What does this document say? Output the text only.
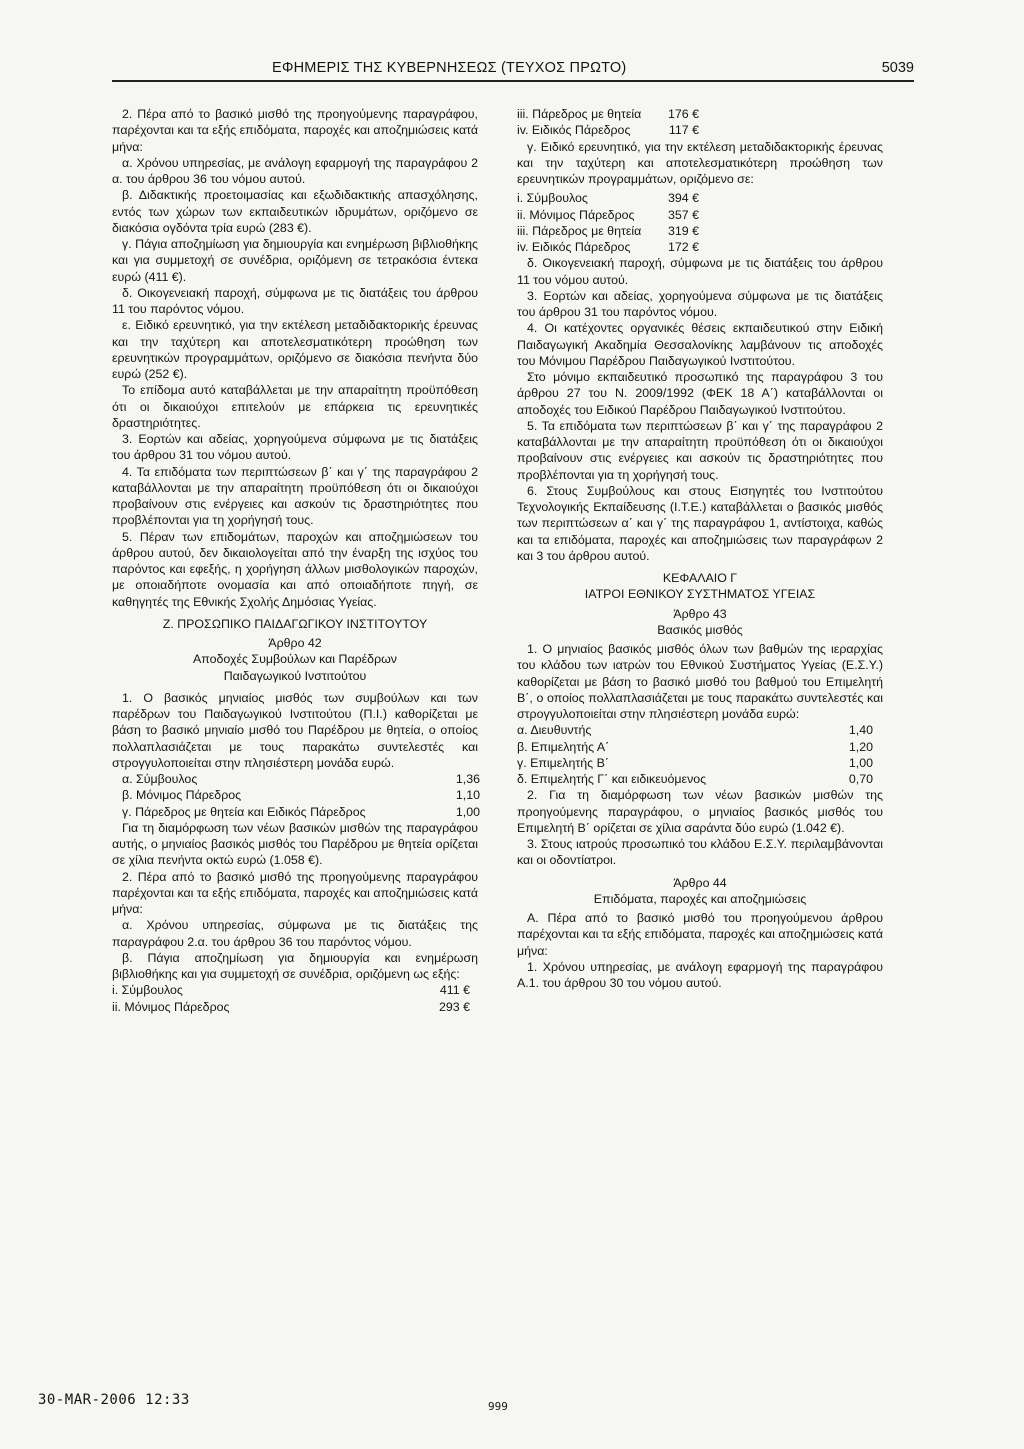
ΕΦΗΜΕΡΙΣ ΤΗΣ ΚΥΒΕΡΝΗΣΕΩΣ (ΤΕΥΧΟΣ ΠΡΩΤΟ)	5039

2. Πέρα από το βασικό μισθό της προηγούμενης παραγράφου, παρέχονται και τα εξής επιδόματα, παροχές και αποζημιώσεις κατά μήνα:

α. Χρόνου υπηρεσίας, με ανάλογη εφαρμογή της παραγράφου 2 α. του άρθρου 36 του νόμου αυτού.

β. Διδακτικής προετοιμασίας και εξωδιδακτικής απασχόλησης, εντός των χώρων των εκπαιδευτικών ιδρυμάτων, οριζόμενο σε διακόσια ογδόντα τρία ευρώ (283 €).

γ. Πάγια αποζημίωση για δημιουργία και ενημέρωση βιβλιοθήκης και για συμμετοχή σε συνέδρια, οριζόμενη σε τετρακόσια έντεκα ευρώ (411 €).

δ. Οικογενειακή παροχή, σύμφωνα με τις διατάξεις του άρθρου 11 του παρόντος νόμου.

ε. Ειδικό ερευνητικό, για την εκτέλεση μεταδιδακτορικής έρευνας και την ταχύτερη και αποτελεσματικότερη προώθηση των ερευνητικών προγραμμάτων, οριζόμενο σε διακόσια πενήντα δύο ευρώ (252 €).

Το επίδομα αυτό καταβάλλεται με την απαραίτητη προϋπόθεση ότι οι δικαιούχοι επιτελούν με επάρκεια τις ερευνητικές δραστηριότητες.

3. Εορτών και αδείας, χορηγούμενα σύμφωνα με τις διατάξεις του άρθρου 31 του νόμου αυτού.

4. Τα επιδόματα των περιπτώσεων β΄ και γ΄ της παραγράφου 2 καταβάλλονται με την απαραίτητη προϋπόθεση ότι οι δικαιούχοι προβαίνουν στις ενέργειες και ασκούν τις δραστηριότητες που προβλέπονται για τη χορήγησή τους.

5. Πέραν των επιδομάτων, παροχών και αποζημιώσεων του άρθρου αυτού, δεν δικαιολογείται από την έναρξη της ισχύος του παρόντος και εφεξής, η χορήγηση άλλων μισθολογικών παροχών, με οποιαδήποτε ονομασία και από οποιαδήποτε πηγή, σε καθηγητές της Εθνικής Σχολής Δημόσιας Υγείας.

Ζ. ΠΡΟΣΩΠΙΚΟ ΠΑΙΔΑΓΩΓΙΚΟΥ ΙΝΣΤΙΤΟΥΤΟΥ

Άρθρο 42

Αποδοχές Συμβούλων και Παρέδρων

Παιδαγωγικού Ινστιτούτου

1. Ο βασικός μηνιαίος μισθός των συμβούλων και των παρέδρων του Παιδαγωγικού Ινστιτούτου (Π.Ι.) καθορίζεται με βάση το βασικό μηνιαίο μισθό του Παρέδρου με θητεία, ο οποίος πολλαπλασιάζεται με τους παρακάτω συντελεστές και στρογγυλοποιείται στην πλησιέστερη μονάδα ευρώ.

α. Σύμβουλος	1,36
β. Μόνιμος Πάρεδρος	1,10
γ. Πάρεδρος με θητεία και Ειδικός Πάρεδρος	1,00

Για τη διαμόρφωση των νέων βασικών μισθών της παραγράφου αυτής, ο μηνιαίος βασικός μισθός του Παρέδρου με θητεία ορίζεται σε χίλια πενήντα οκτώ ευρώ (1.058 €).

2. Πέρα από το βασικό μισθό της προηγούμενης παραγράφου παρέχονται και τα εξής επιδόματα, παροχές και αποζημιώσεις κατά μήνα:

α. Χρόνου υπηρεσίας, σύμφωνα με τις διατάξεις της παραγράφου 2.α. του άρθρου 36 του παρόντος νόμου.

β. Πάγια αποζημίωση για δημιουργία και ενημέρωση βιβλιοθήκης και για συμμετοχή σε συνέδρια, οριζόμενη ως εξής:

i. Σύμβουλος	411 €
ii. Μόνιμος Πάρεδρος	293 €
iii. Πάρεδρος με θητεία	176 €
iv. Ειδικός Πάρεδρος	117 €

γ. Ειδικό ερευνητικό, για την εκτέλεση μεταδιδακτορικής έρευνας και την ταχύτερη και αποτελεσματικότερη προώθηση των ερευνητικών προγραμμάτων, οριζόμενο σε:

i. Σύμβουλος	394 €
ii. Μόνιμος Πάρεδρος	357 €
iii. Πάρεδρος με θητεία	319 €
iv. Ειδικός Πάρεδρος	172 €

δ. Οικογενειακή παροχή, σύμφωνα με τις διατάξεις του άρθρου 11 του νόμου αυτού.

3. Εορτών και αδείας, χορηγούμενα σύμφωνα με τις διατάξεις του άρθρου 31 του παρόντος νόμου.

4. Οι κατέχοντες οργανικές θέσεις εκπαιδευτικού στην Ειδική Παιδαγωγική Ακαδημία Θεσσαλονίκης λαμβάνουν τις αποδοχές του Μόνιμου Παρέδρου Παιδαγωγικού Ινστιτούτου.

Στο μόνιμο εκπαιδευτικό προσωπικό της παραγράφου 3 του άρθρου 27 του Ν. 2009/1992 (ΦΕΚ 18 Α΄) καταβάλλονται οι αποδοχές του Ειδικού Παρέδρου Παιδαγωγικού Ινστιτούτου.

5. Τα επιδόματα των περιπτώσεων β΄ και γ΄ της παραγράφου 2 καταβάλλονται με την απαραίτητη προϋπόθεση ότι οι δικαιούχοι προβαίνουν στις ενέργειες και ασκούν τις δραστηριότητες που προβλέπονται για τη χορήγησή τους.

6. Στους Συμβούλους και στους Εισηγητές του Ινστιτούτου Τεχνολογικής Εκπαίδευσης (Ι.Τ.Ε.) καταβάλλεται ο βασικός μισθός των περιπτώσεων α΄ και γ΄ της παραγράφου 1, αντίστοιχα, καθώς και τα επιδόματα, παροχές και αποζημιώσεις των παραγράφων 2 και 3 του άρθρου αυτού.

ΚΕΦΑΛΑΙΟ Γ

ΙΑΤΡΟΙ ΕΘΝΙΚΟΥ ΣΥΣΤΗΜΑΤΟΣ ΥΓΕΙΑΣ

Άρθρο 43

Βασικός μισθός

1. Ο μηνιαίος βασικός μισθός όλων των βαθμών της ιεραρχίας του κλάδου των ιατρών του Εθνικού Συστήματος Υγείας (Ε.Σ.Υ.) καθορίζεται με βάση το βασικό μισθό του βαθμού του Επιμελητή Β΄, ο οποίος πολλαπλασιάζεται με τους παρακάτω συντελεστές και στρογγυλοποιείται στην πλησιέστερη μονάδα ευρώ:

α. Διευθυντής	1,40
β. Επιμελητής Α΄	1,20
γ. Επιμελητής Β΄	1,00
δ. Επιμελητής Γ΄ και ειδικευόμενος	0,70

2. Για τη διαμόρφωση των νέων βασικών μισθών της προηγούμενης παραγράφου, ο μηνιαίος βασικός μισθός του Επιμελητή Β΄ ορίζεται σε χίλια σαράντα δύο ευρώ (1.042 €).

3. Στους ιατρούς προσωπικό του κλάδου Ε.Σ.Υ. περιλαμβάνονται και οι οδοντίατροι.

Άρθρο 44

Επιδόματα, παροχές και αποζημιώσεις

Α. Πέρα από το βασικό μισθό του προηγούμενου άρθρου παρέχονται και τα εξής επιδόματα, παροχές και αποζημιώσεις κατά μήνα:

1. Χρόνου υπηρεσίας, με ανάλογη εφαρμογή της παραγράφου Α.1. του άρθρου 30 του νόμου αυτού.

30-MAR-2006 12:33	999
